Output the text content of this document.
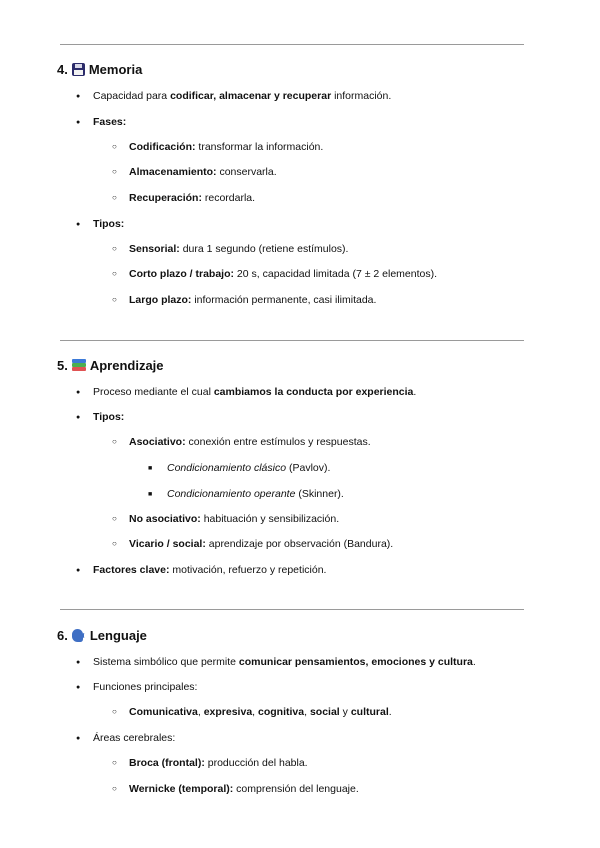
4. Memoria
●
Capacidad para codificar, almacenar y recuperar información.
●
Fases:
○
Codificación: transformar la información.
○
Almacenamiento: conservarla.
○
Recuperación: recordarla.
●
Tipos:
○
Sensorial: dura 1 segundo (retiene estímulos).
○
Corto plazo / trabajo: 20 s, capacidad limitada (7 ± 2 elementos).
○
Largo plazo: información permanente, casi ilimitada.
5. Aprendizaje
●
Proceso mediante el cual cambiamos la conducta por experiencia.
●
Tipos:
○
Asociativo: conexión entre estímulos y respuestas.
■
Condicionamiento clásico (Pavlov).
■
Condicionamiento operante (Skinner).
○
No asociativo: habituación y sensibilización.
○
Vicario / social: aprendizaje por observación (Bandura).
●
Factores clave: motivación, refuerzo y repetición.
6. Lenguaje
●
Sistema simbólico que permite comunicar pensamientos, emociones y cultura.
●
Funciones principales:
○
Comunicativa, expresiva, cognitiva, social y cultural.
●
Áreas cerebrales:
○
Broca (frontal): producción del habla.
○
Wernicke (temporal): comprensión del lenguaje.
